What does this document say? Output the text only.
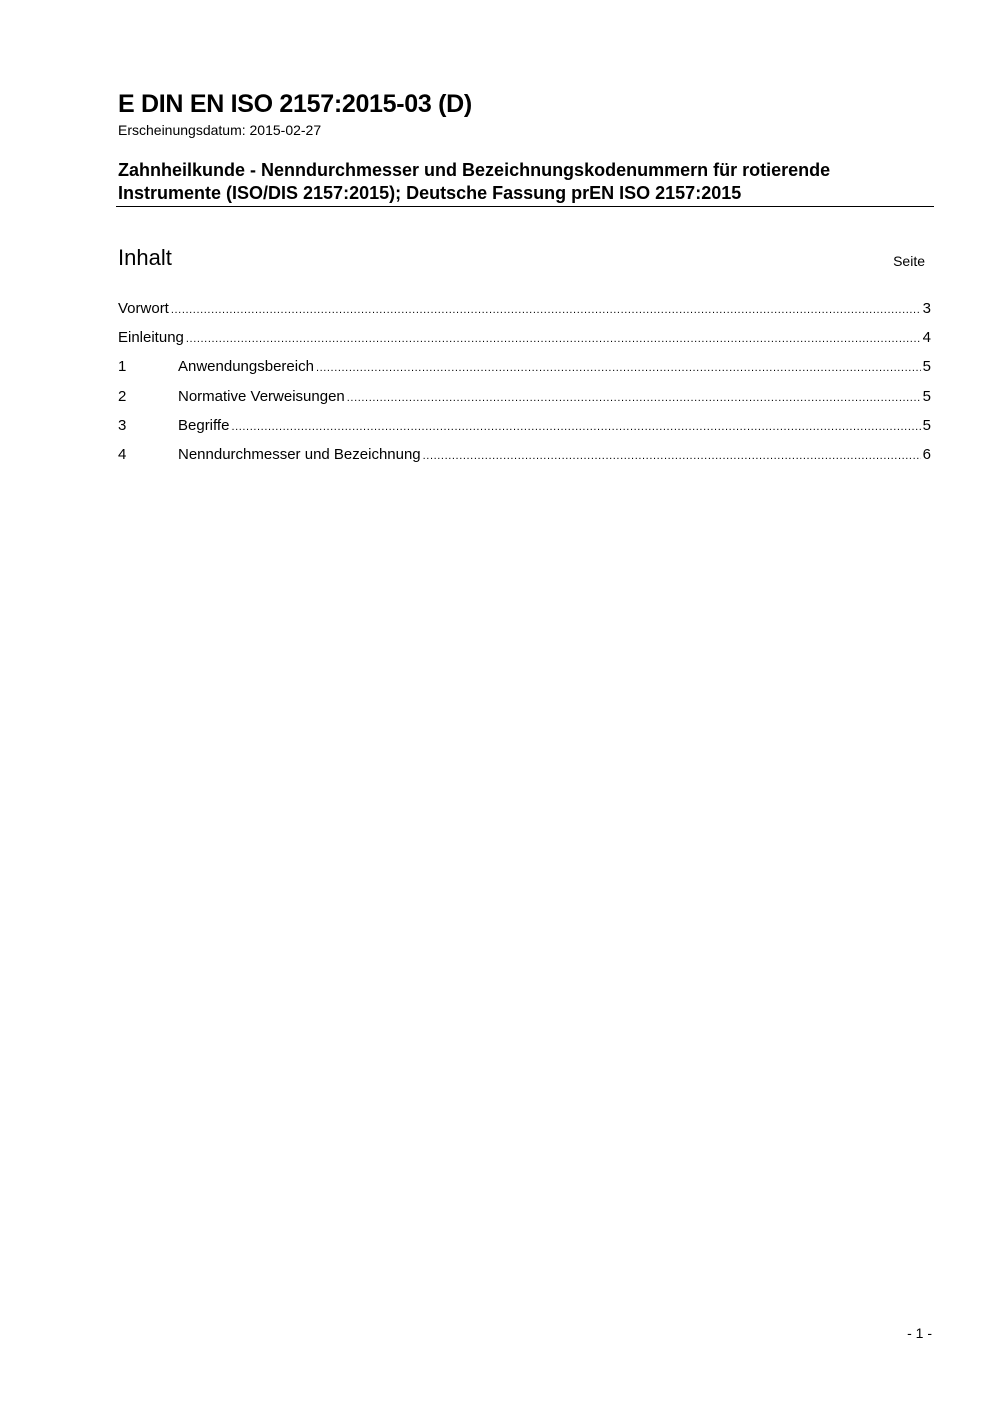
E DIN EN ISO 2157:2015-03 (D)
Erscheinungsdatum: 2015-02-27
Zahnheilkunde - Nenndurchmesser und Bezeichnungskodenummern für rotierende
Instrumente (ISO/DIS 2157:2015); Deutsche Fassung prEN ISO 2157:2015
Inhalt	Seite
Vorwort .....	3
Einleitung .....	4
1	Anwendungsbereich .....	5
2	Normative Verweisungen .....	5
3	Begriffe .....	5
4	Nenndurchmesser und Bezeichnung .....	6
- 1 -
